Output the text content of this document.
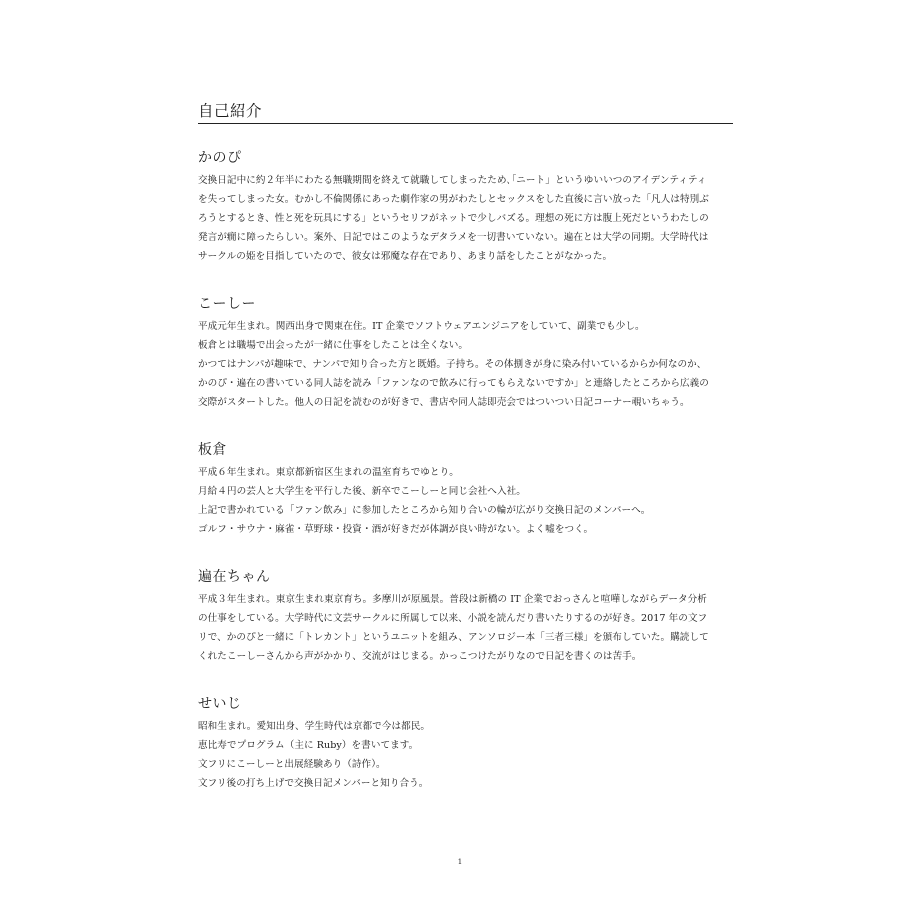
自己紹介
かのぴ

交換日記中に約２年半にわたる無職期間を終えて就職してしまったため､｢ニート」というゆいいつのアイデンティティ

を失ってしまった女。むかし不倫関係にあった劇作家の男がわたしとセックスをした直後に言い放った「凡人は特別ぶ

ろうとするとき、性と死を玩具にする」というセリフがネットで少しバズる。理想の死に方は腹上死だというわたしの

発言が癇に障ったらしい。案外、日記ではこのようなデタラメを一切書いていない。遍在とは大学の同期。大学時代は

サークルの姫を目指していたので、彼女は邪魔な存在であり、あまり話をしたことがなかった。

こーしー

平成元年生まれ。関西出身で関東在住。IT 企業でソフトウェアエンジニアをしていて、副業でも少し。

板倉とは職場で出会ったが一緒に仕事をしたことは全くない。

かつてはナンパが趣味で、ナンパで知り合った方と既婚。子持ち。その体捌きが身に染み付いているからか何なのか、

かのぴ・遍在の書いている同人誌を読み「ファンなので飲みに行ってもらえないですか」と連絡したところから広義の

交際がスタートした。他人の日記を読むのが好きで、書店や同人誌即売会ではついつい日記コーナー覗いちゃう。

板倉

平成６年生まれ。東京都新宿区生まれの温室育ちでゆとり。

月給４円の芸人と大学生を平行した後、新卒でこーしーと同じ会社へ入社。

上記で書かれている「ファン飲み」に参加したところから知り合いの輪が広がり交換日記のメンバーへ。

ゴルフ・サウナ・麻雀・草野球・投資・酒が好きだが体調が良い時がない。よく嘘をつく。

遍在ちゃん

平成３年生まれ。東京生まれ東京育ち。多摩川が原風景。普段は新橋の IT 企業でおっさんと喧嘩しながらデータ分析

の仕事をしている。大学時代に文芸サークルに所属して以来、小説を読んだり書いたりするのが好き。2017 年の文フ

リで、かのぴと一緒に「トレカント」というユニットを組み、アンソロジー本「三者三様」を頒布していた。購読して

くれたこーしーさんから声がかかり、交流がはじまる。かっこつけたがりなので日記を書くのは苦手。

せいじ

昭和生まれ。愛知出身、学生時代は京都で今は都民。

恵比寿でプログラム（主に Ruby）を書いてます。

文フリにこーしーと出展経験あり（詩作）。

文フリ後の打ち上げで交換日記メンバーと知り合う。

1
